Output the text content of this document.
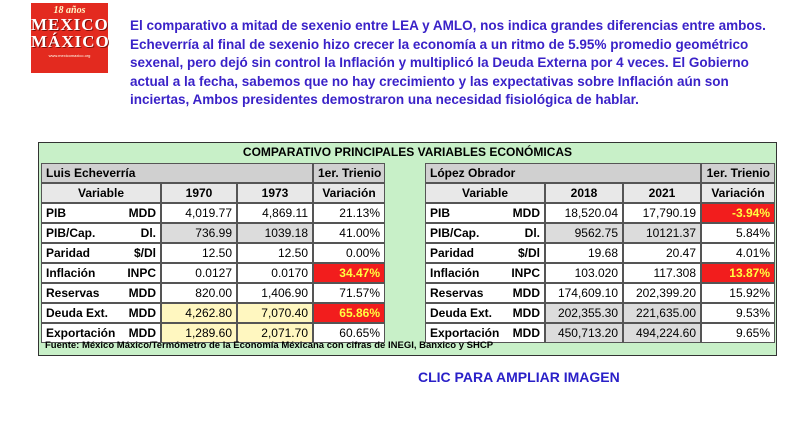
18 años
MEXICO
MÁXICO
www.mexicomaxico.org

El comparativo a mitad de sexenio entre LEA y AMLO, nos indica grandes diferencias entre ambos. Echeverría al final de sexenio hizo crecer la economía a un ritmo de 5.95% promedio geométrico sexenal, pero dejó sin control la Inflación y multiplicó la Deuda Externa por 4 veces. El Gobierno actual a la fecha, sabemos que no hay crecimiento y las expectativas sobre Inflación aún son inciertas, Ambos presidentes demostraron una necesidad fisiológica de hablar.

COMPARATIVO PRINCIPALES VARIABLES ECONÓMICAS
Luis Echeverría	1er. Trienio
Variable	1970	1973	Variación
PIB	MDD	4,019.77	4,869.11	21.13%
PIB/Cap.	Dl.	736.99	1039.18	41.00%
Paridad	$/Dl	12.50	12.50	0.00%
Inflación	INPC	0.0127	0.0170	34.47%
Reservas MDD	820.00	1,406.90	71.57%
Deuda Ext. MDD	4,262.80	7,070.40	65.86%
Exportación MDD	1,289.60	2,071.70	60.65%
López Obrador	1er. Trienio
Variable	2018	2021	Variación
PIB	MDD	18,520.04	17,790.19	-3.94%
PIB/Cap.	Dl.	9562.75	10121.37	5.84%
Paridad	$/Dl	19.68	20.47	4.01%
Inflación	INPC	103.020	117.308	13.87%
Reservas MDD	174,609.10	202,399.20	15.92%
Deuda Ext. MDD	202,355.30	221,635.00	9.53%
Exportación MDD	450,713.20	494,224.60	9.65%
Fuente: México Máxico/Termómetro de la Economía Méxicana con cifras de INEGI, Banxico y SHCP
CLIC PARA AMPLIAR IMAGEN
